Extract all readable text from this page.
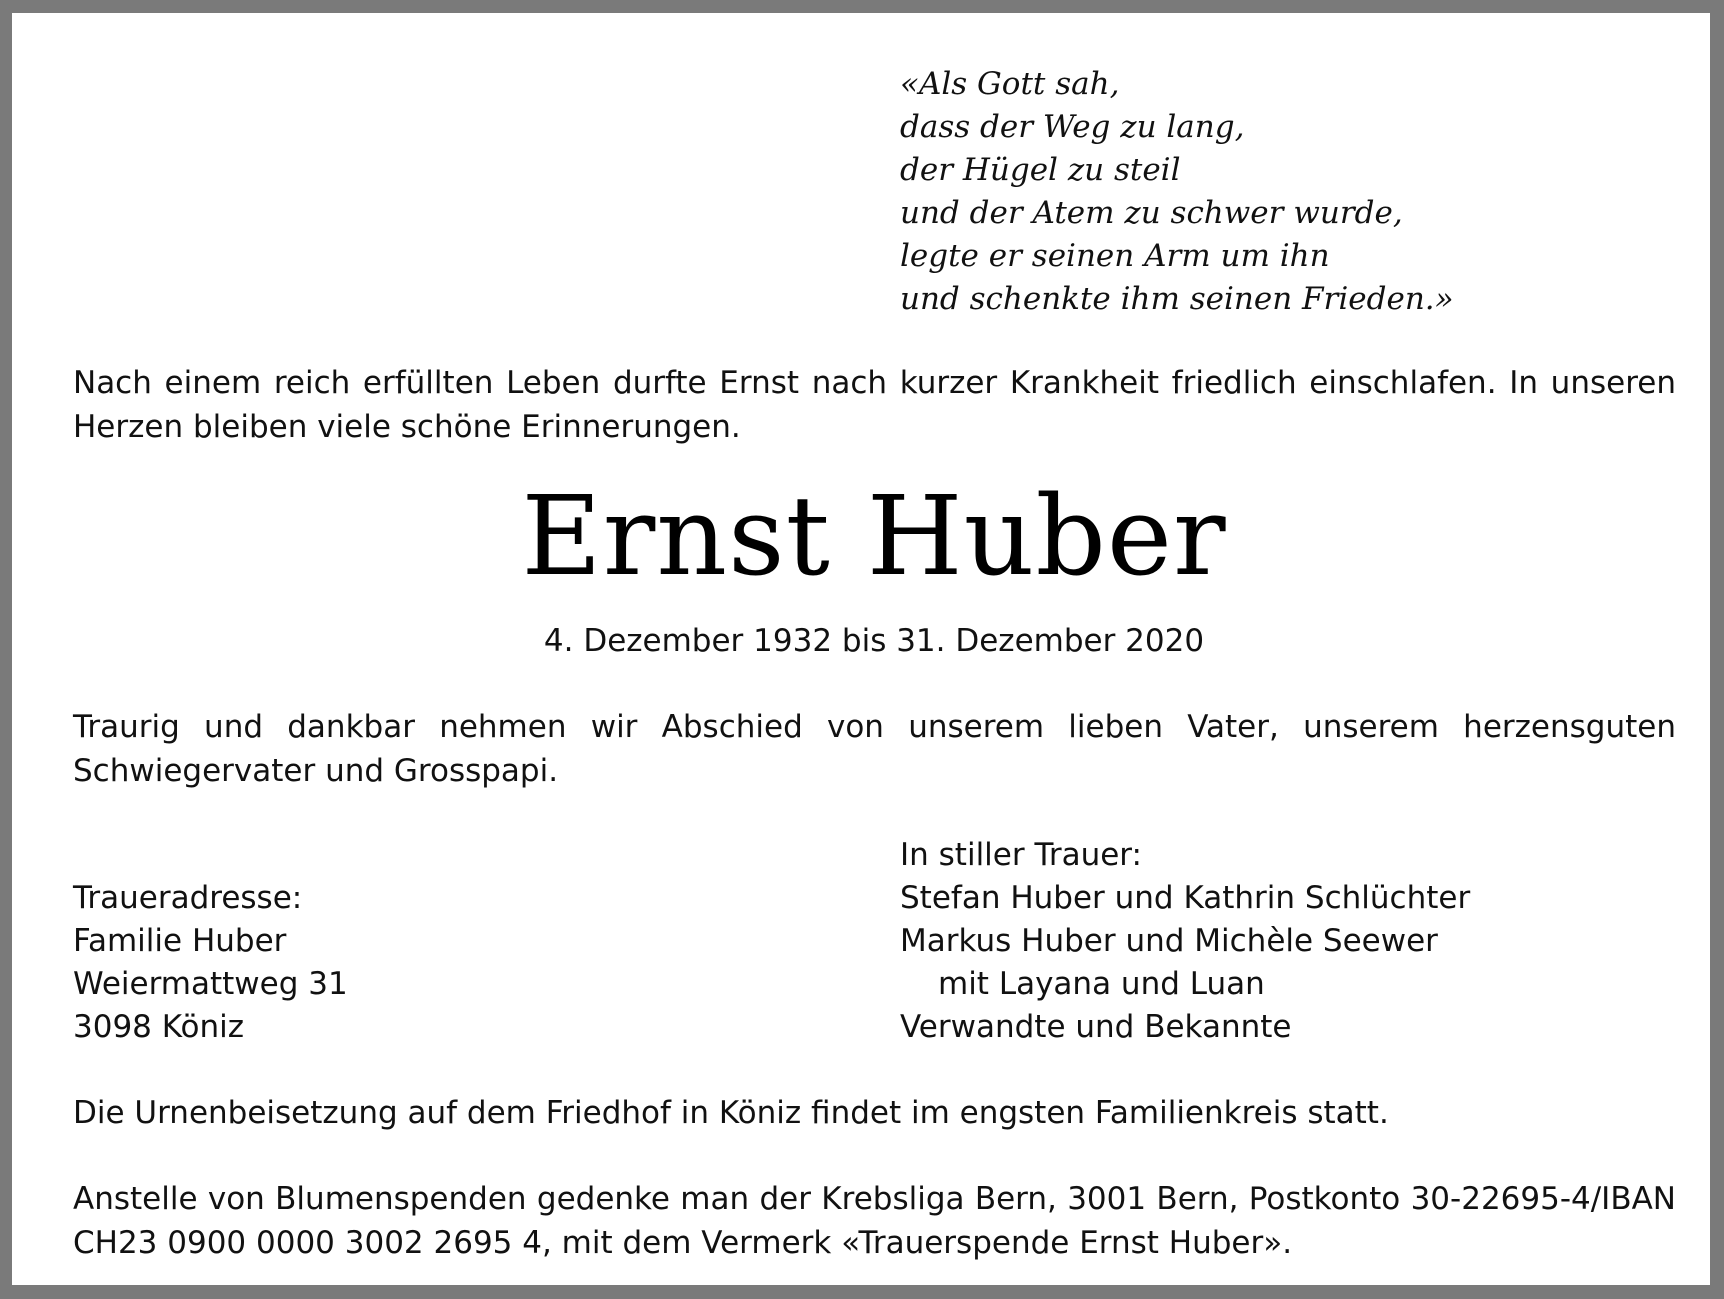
«Als Gott sah,
dass der Weg zu lang,
der Hügel zu steil
und der Atem zu schwer wurde,
legte er seinen Arm um ihn
und schenkte ihm seinen Frieden.»
Nach einem reich erfüllten Leben durfte Ernst nach kurzer Krankheit friedlich einschlafen. In unseren Herzen bleiben viele schöne Erinnerungen.
Ernst Huber
4. Dezember 1932 bis 31. Dezember 2020
Traurig und dankbar nehmen wir Abschied von unserem lieben Vater, unserem herzensguten Schwiegervater und Grosspapi.
In stiller Trauer:
Stefan Huber und Kathrin Schlüchter
Markus Huber und Michèle Seewer
mit Layana und Luan
Verwandte und Bekannte
Traueradresse:
Familie Huber
Weiermattweg 31
3098 Köniz
Die Urnenbeisetzung auf dem Friedhof in Köniz findet im engsten Familienkreis statt.
Anstelle von Blumenspenden gedenke man der Krebsliga Bern, 3001 Bern, Postkonto 30-22695-4/IBAN CH23 0900 0000 3002 2695 4, mit dem Vermerk «Trauerspende Ernst Huber».
